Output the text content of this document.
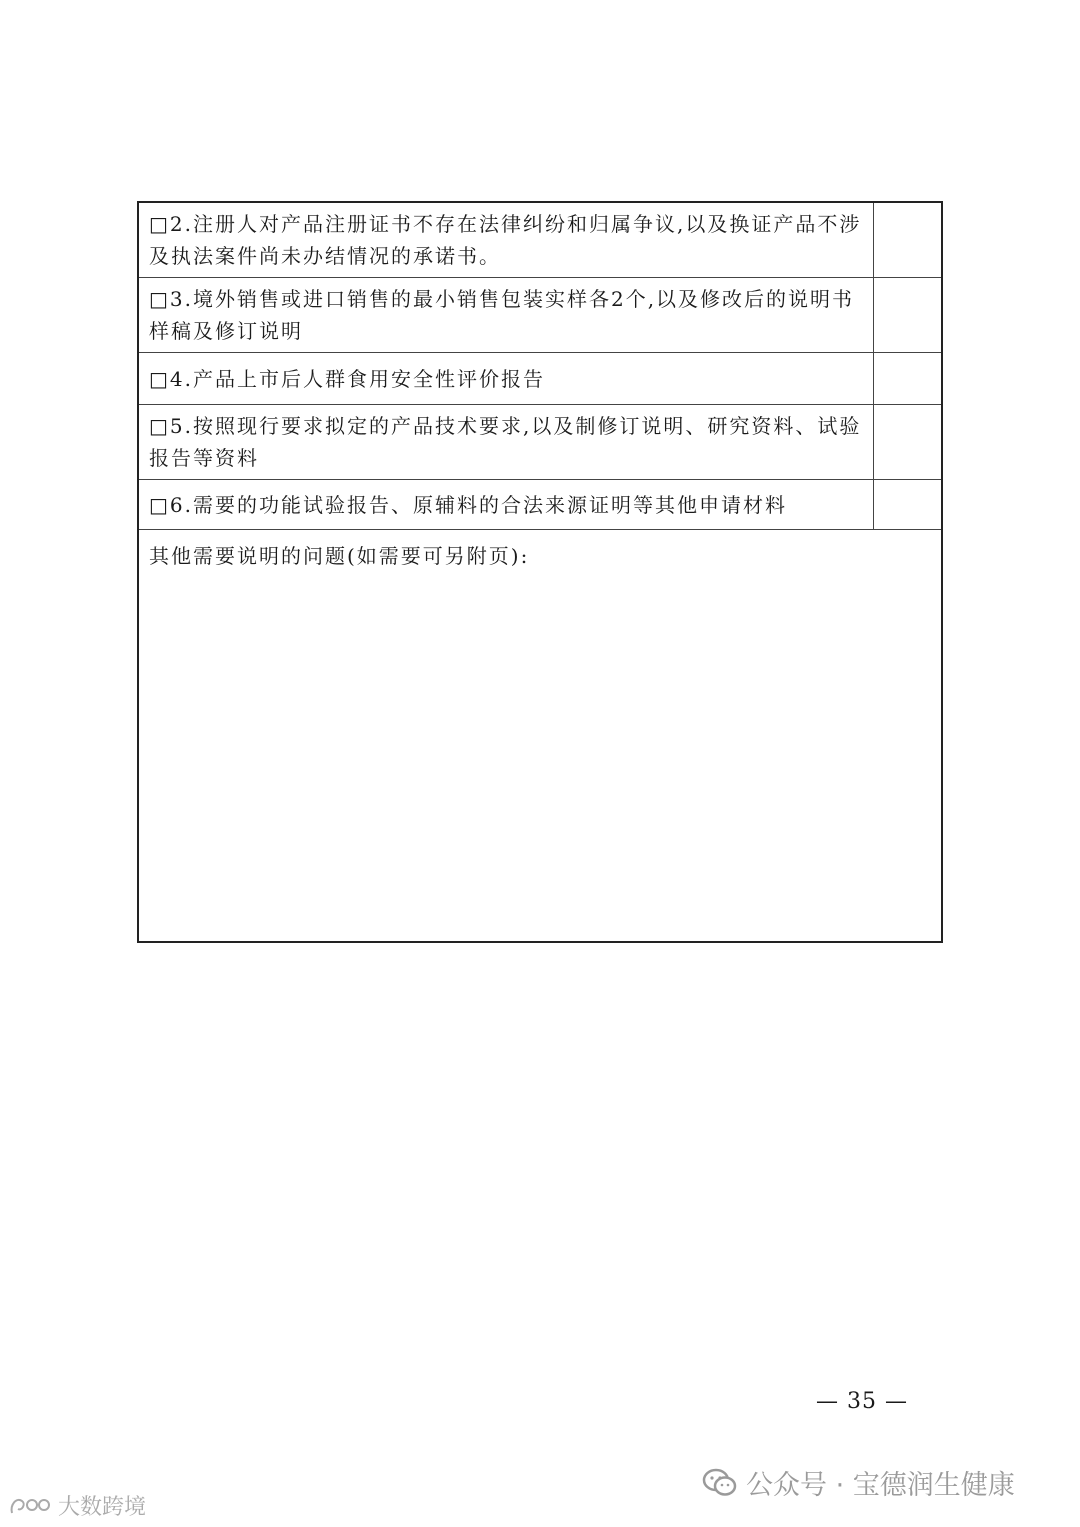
□2.注册人对产品注册证书不存在法律纠纷和归属争议,以及换证产品不涉及执法案件尚未办结情况的承诺书。
□3.境外销售或进口销售的最小销售包装实样各2个,以及修改后的说明书样稿及修订说明
□4.产品上市后人群食用安全性评价报告
□5.按照现行要求拟定的产品技术要求,以及制修订说明、研究资料、试验报告等资料
□6.需要的功能试验报告、原辅料的合法来源证明等其他申请材料
其他需要说明的问题(如需要可另附页):
— 35 —
公众号 · 宝德润生健康
大数跨境
